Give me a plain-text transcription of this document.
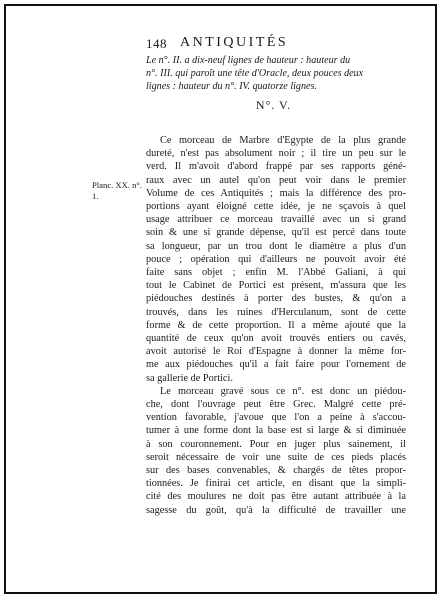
148 ANTIQUITÉS
Le n°. II. a dix-neuf lignes de hauteur : hauteur du
n°. III. qui paroît une tête d'Oracle, deux pouces deux
lignes : hauteur du n°. IV. quatorze lignes.
N°. V.
Planc. XX. n°.
1.
Ce morceau de Marbre d'Egypte de la plus grande
dureté, n'est pas absolument noir ; il tire un peu sur le
verd. Il m'avoit d'abord frappé par ses rapports géné-
raux avec un autel qu'on peut voir dans le premier
Volume de ces Antiquités ; mais la différence des pro-
portions ayant éloigné cette idée, je ne sçavois à quel
usage attribuer ce morceau travaillé avec un si grand
soin & une si grande dépense, qu'il est percé dans toute
sa longueur, par un trou dont le diamètre a plus d'un
pouce ; opération qui d'ailleurs ne pouvoit avoir été
faite sans objet ; enfin M. l'Abbé Galiani, à qui
tout le Cabinet de Portici est présent, m'assura que les
piédouches destinés à porter des bustes, & qu'on a
trouvés, dans les ruines d'Herculanum, sont de cette
forme & de cette proportion. Il a même ajouté que la
quantité de ceux qu'on avoit trouvés entiers ou cavés,
avoit autorisé le Roi d'Espagne à donner la même for-
me aux piédouches qu'il a fait faire pour l'ornement de
sa gallerie de Portici.
Le morceau gravé sous ce n°. est donc un piédou-
che, dont l'ouvrage peut être Grec. Malgré cette pré-
vention favorable, j'avoue que l'on a peine à s'accou-
tumer à une forme dont la base est si large & si diminuée
à son couronnement. Pour en juger plus sainement, il
seroit nécessaire de voir une suite de ces pieds placés
sur des bases convenables, & chargés de têtes propor-
tionnées. Je finirai cet article, en disant que la simpli-
cité des moulures ne doit pas être autant attribuée à la
sagesse du goût, qu'à la difficulté de travailler une
